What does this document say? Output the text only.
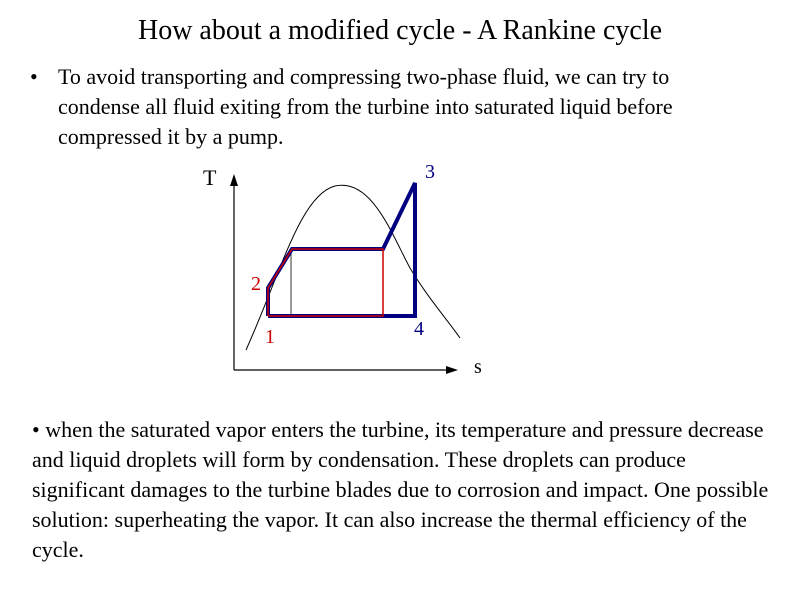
How about a modified cycle - A Rankine cycle
• To avoid transporting and compressing two-phase fluid, we can try to condense all fluid exiting from the turbine into saturated liquid before compressed it by a pump.
T
s
2
1
3
4
• when the saturated vapor enters the turbine, its temperature and pressure decrease and liquid droplets will form by condensation. These droplets can produce significant damages to the turbine blades due to corrosion and impact. One possible solution: superheating the vapor. It can also increase the thermal efficiency of the cycle.
